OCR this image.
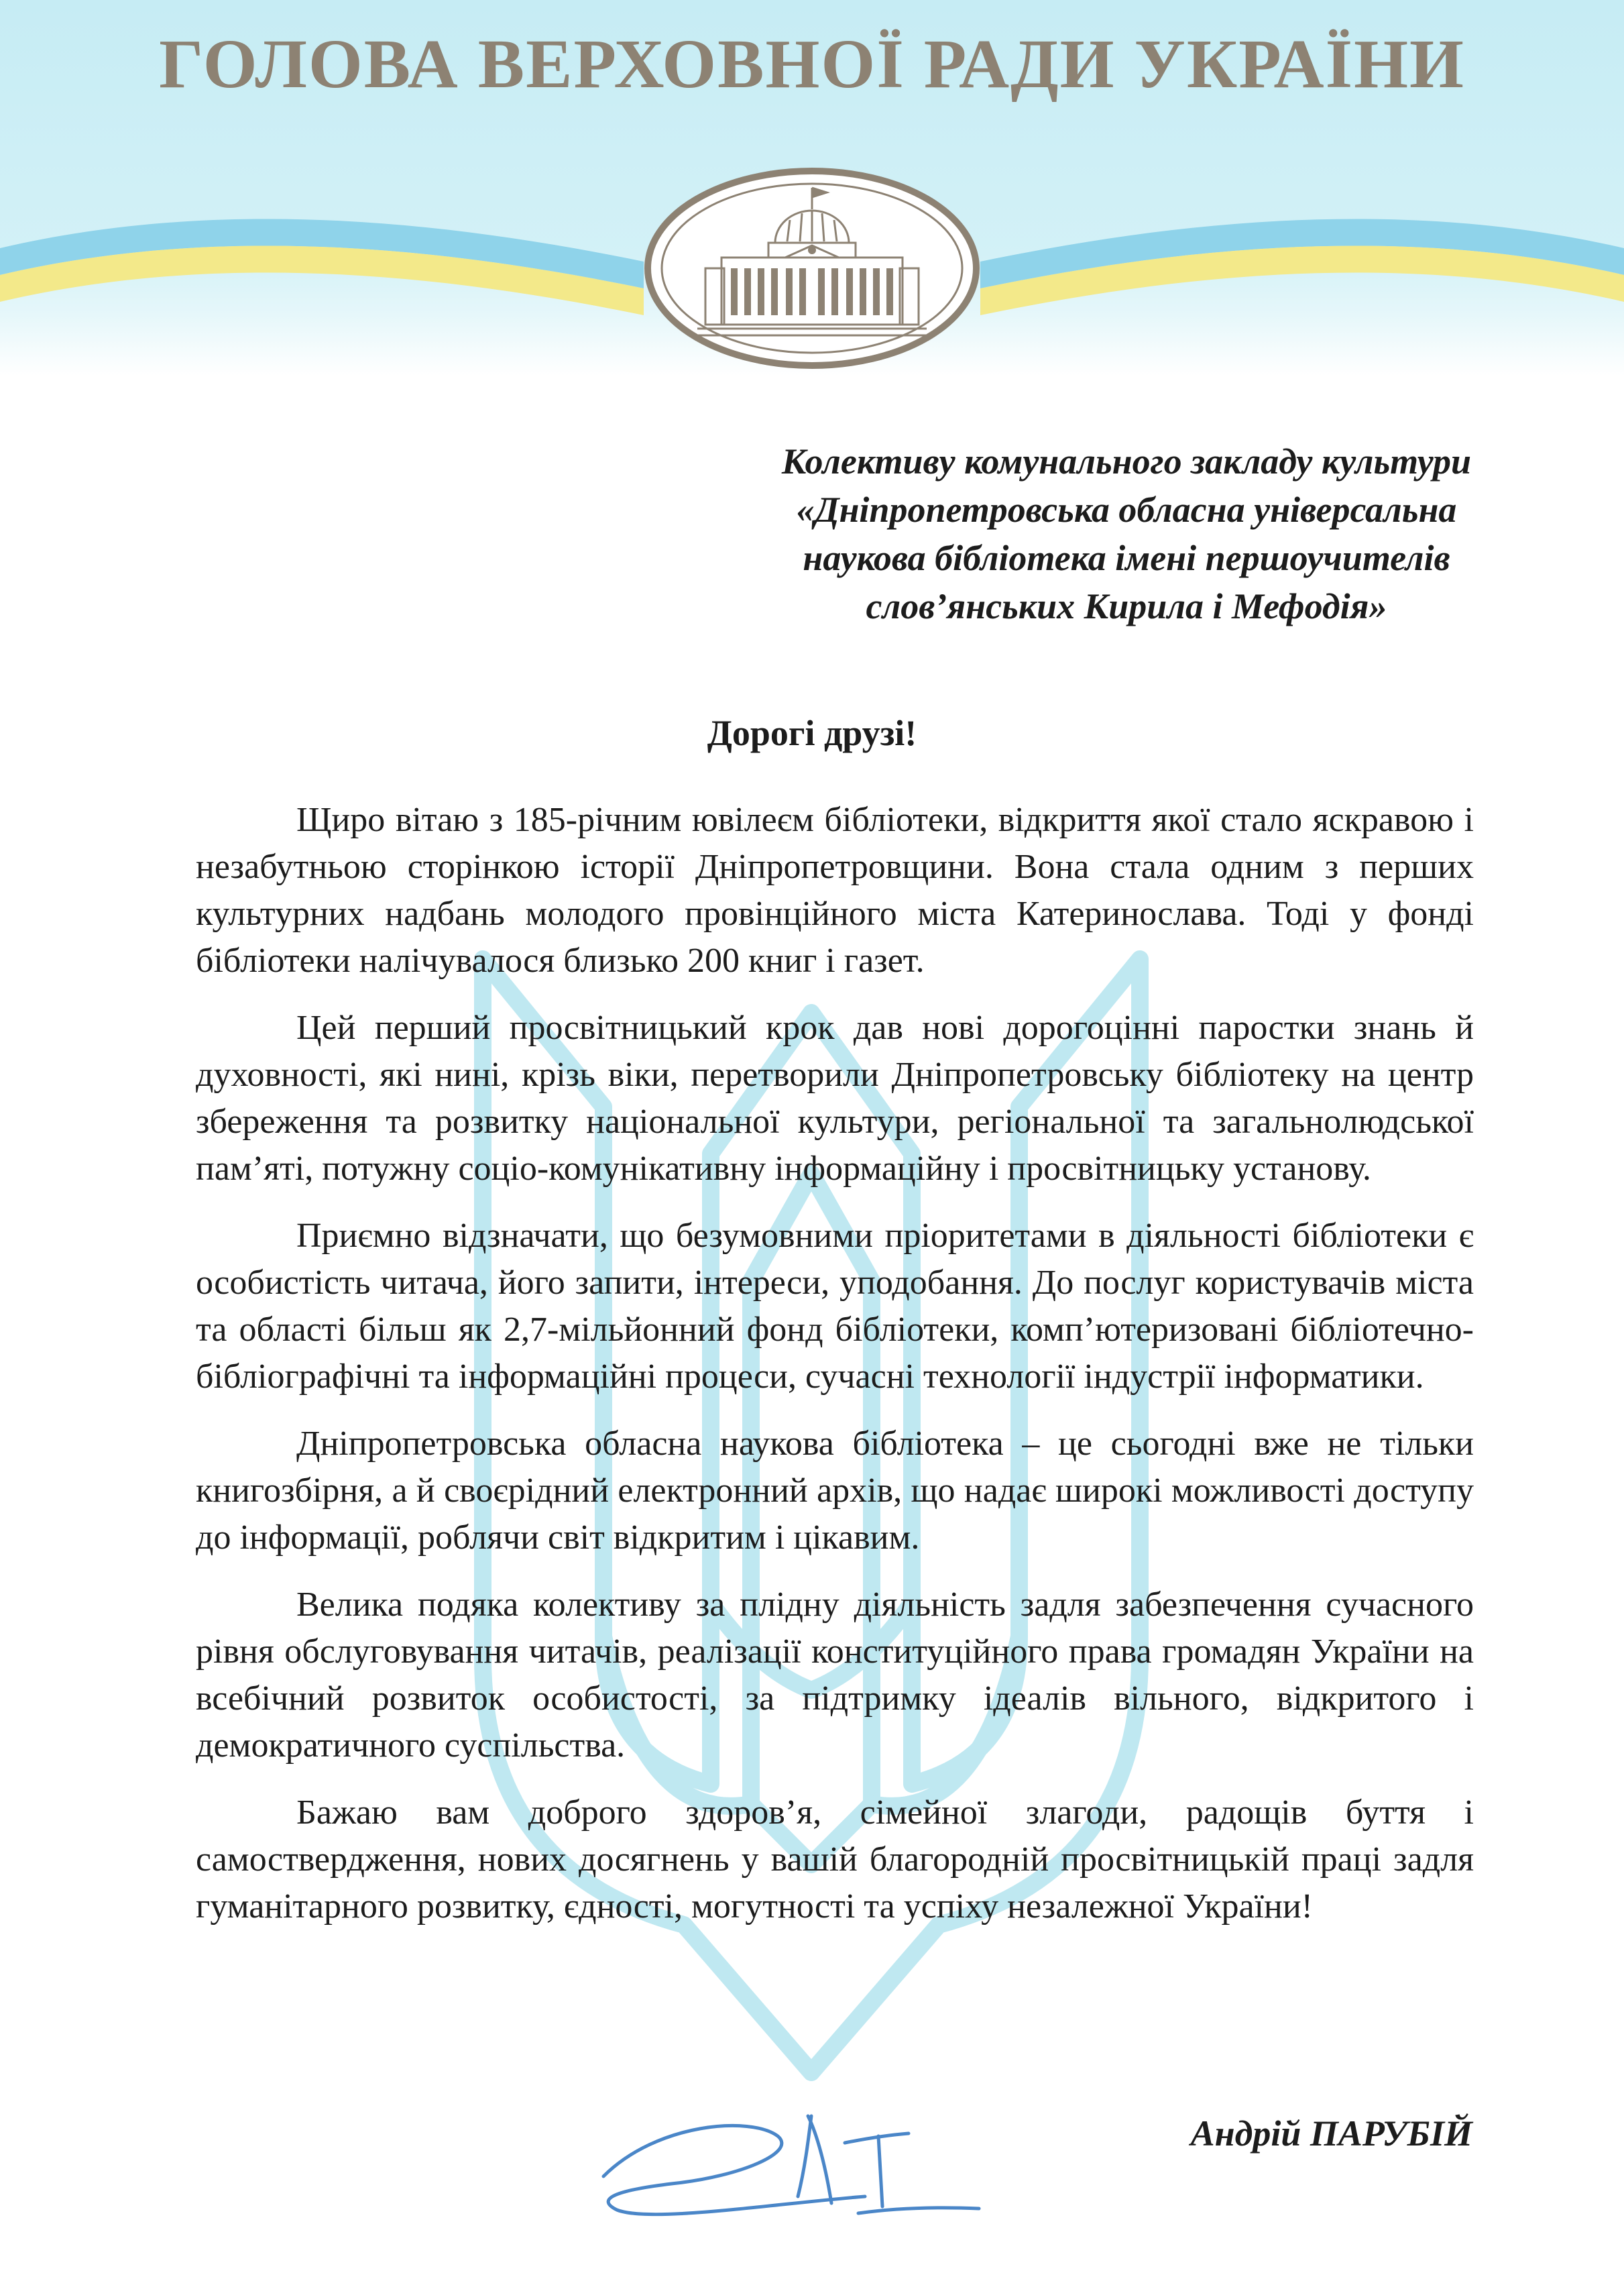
ГОЛОВА ВЕРХОВНОЇ РАДИ УКРАЇНИ
Колективу комунального закладу культури
«Дніпропетровська обласна універсальна
наукова бібліотека імені першоучителів
слов’янських Кирила і Мефодія»
Дорогі друзі!

Щиро вітаю з 185-річним ювілеєм бібліотеки, відкриття якої стало яскравою і незабутньою сторінкою історії Дніпропетровщини. Вона стала одним з перших культурних надбань молодого провінційного міста Катеринослава. Тоді у фонді бібліотеки налічувалося близько 200 книг і газет.

Цей перший просвітницький крок дав нові дорогоцінні паростки знань й духовності, які нині, крізь віки, перетворили Дніпропетровську бібліотеку на центр збереження та розвитку національної культури, регіональної та загальнолюдської пам’яті, потужну соціо-комунікативну інформаційну і просвітницьку установу.

Приємно відзначати, що безумовними пріоритетами в діяльності бібліотеки є особистість читача, його запити, інтереси, уподобання. До послуг користувачів міста та області більш як 2,7-мільйонний фонд бібліотеки, комп’ютеризовані бібліотечно-бібліографічні та інформаційні процеси, сучасні технології індустрії інформатики.

Дніпропетровська обласна наукова бібліотека – це сьогодні вже не тільки книгозбірня, а й своєрідний електронний архів, що надає широкі можливості доступу до інформації, роблячи світ відкритим і цікавим.

Велика подяка колективу за плідну діяльність задля забезпечення сучасного рівня обслуговування читачів, реалізації конституційного права громадян України на всебічний розвиток особистості, за підтримку ідеалів вільного, відкритого і демократичного суспільства.

Бажаю вам доброго здоров’я, сімейної злагоди, радощів буття і самоствердження, нових досягнень у вашій благородній просвітницькій праці задля гуманітарного розвитку, єдності, могутності та успіху незалежної України!

Андрій ПАРУБІЙ
